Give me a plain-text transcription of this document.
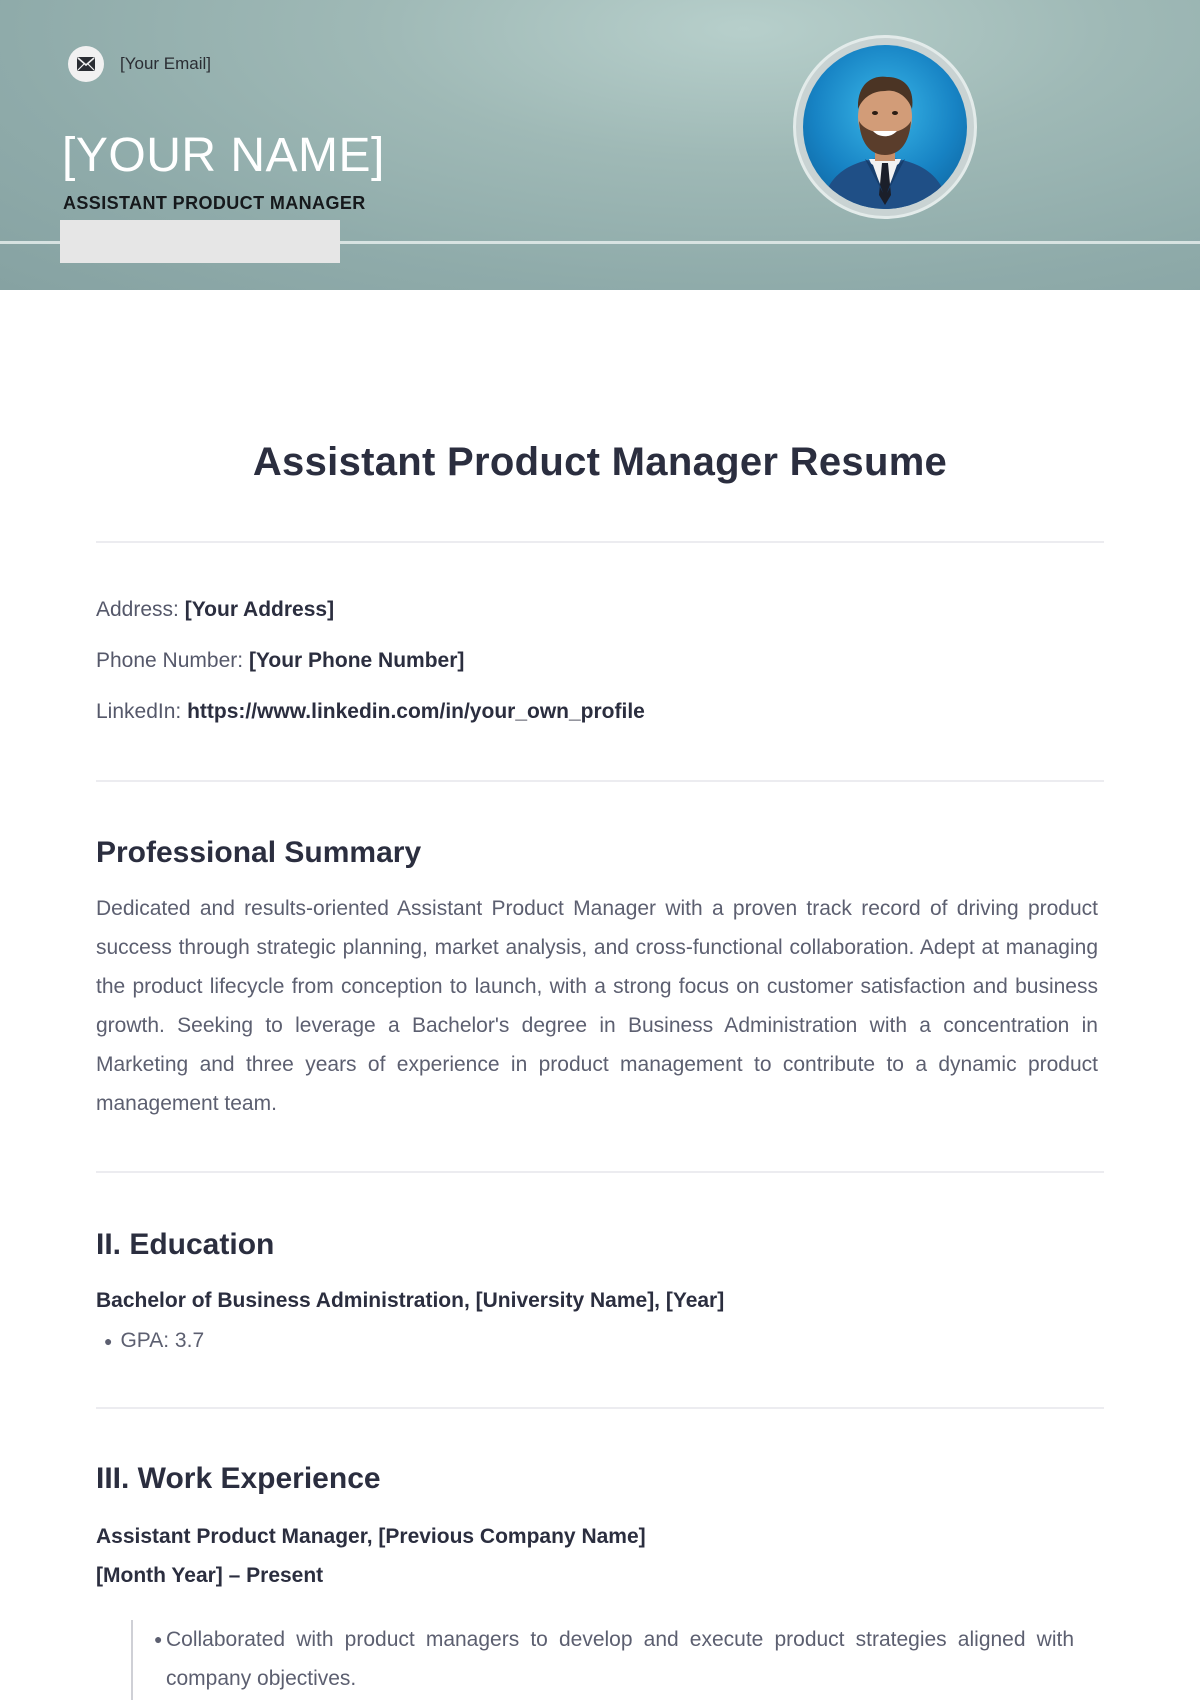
[Your Email]
[YOUR NAME]
ASSISTANT PRODUCT MANAGER
Assistant Product Manager Resume
Address: [Your Address]
Phone Number: [Your Phone Number]
LinkedIn: https://www.linkedin.com/in/your_own_profile
Professional Summary
Dedicated and results-oriented Assistant Product Manager with a proven track record of driving product success through strategic planning, market analysis, and cross-functional collaboration. Adept at managing the product lifecycle from conception to launch, with a strong focus on customer satisfaction and business growth. Seeking to leverage a Bachelor's degree in Business Administration with a concentration in Marketing and three years of experience in product management to contribute to a dynamic product management team.
II. Education
Bachelor of Business Administration, [University Name], [Year]
● GPA: 3.7
III. Work Experience
Assistant Product Manager, [Previous Company Name]
[Month Year] – Present
● Collaborated with product managers to develop and execute product strategies aligned with company objectives.
